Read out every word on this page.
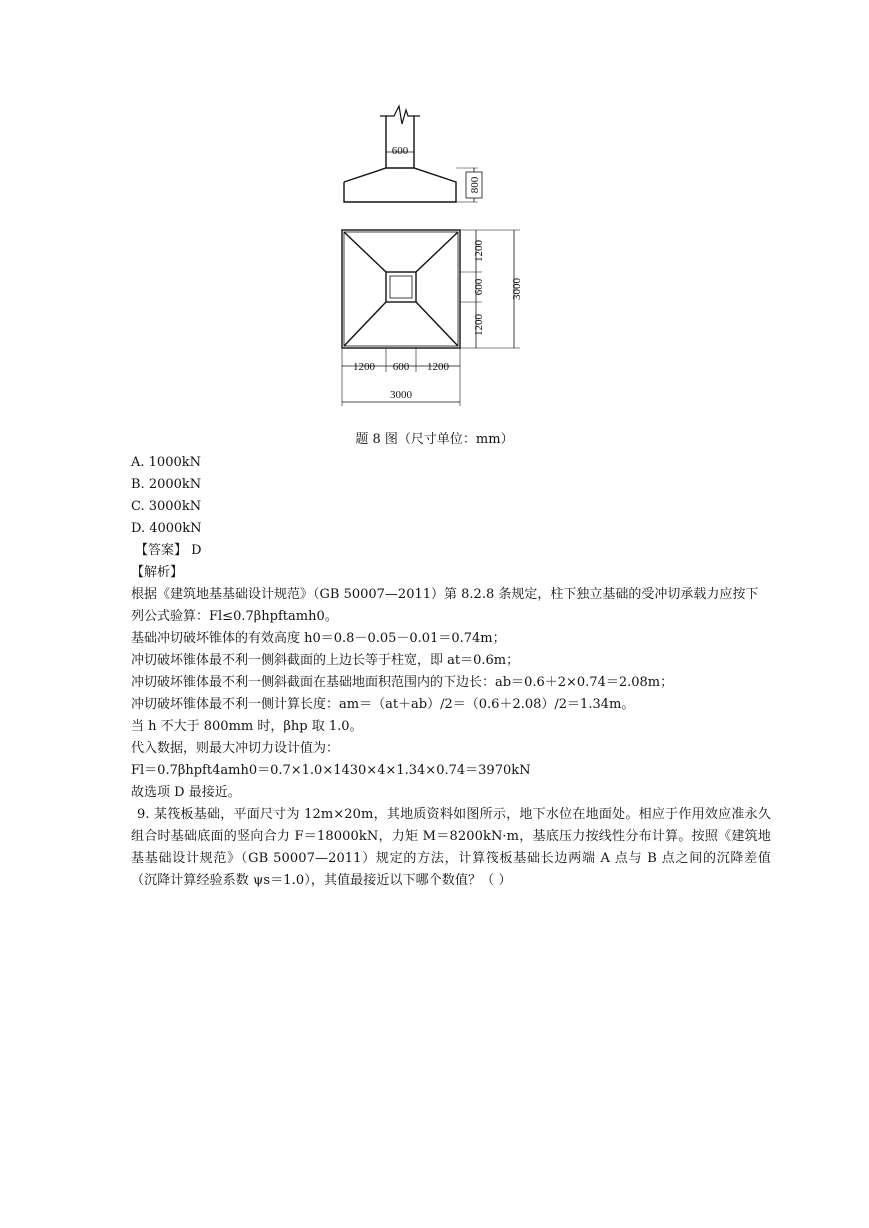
600
800
1200
600
1200
3000
1200 600 1200
3000
题 8 图（尺寸单位：mm）
A. 1000kN
B. 2000kN
C. 3000kN
D. 4000kN
【答案】 D
【解析】
根据《建筑地基基础设计规范》（GB 50007—2011）第 8.2.8 条规定，柱下独立基础的受冲切承载力应按下列公式验算：Fl≤0.7βhpftamh0。
基础冲切破坏锥体的有效高度 h0＝0.8－0.05－0.01＝0.74m；
冲切破坏锥体最不利一侧斜截面的上边长等于柱宽，即 at＝0.6m；
冲切破坏锥体最不利一侧斜截面在基础地面积范围内的下边长：ab＝0.6＋2×0.74＝2.08m；
冲切破坏锥体最不利一侧计算长度：am＝（at＋ab）/2＝（0.6＋2.08）/2＝1.34m。
当 h 不大于 800mm 时，βhp 取 1.0。
代入数据，则最大冲切力设计值为：
Fl＝0.7βhpft4amh0＝0.7×1.0×1430×4×1.34×0.74＝3970kN
故选项 D 最接近。
9. 某筏板基础，平面尺寸为 12m×20m，其地质资料如图所示，地下水位在地面处。相应于作用效应准永久组合时基础底面的竖向合力 F＝18000kN，力矩 M＝8200kN·m，基底压力按线性分布计算。按照《建筑地基基础设计规范》（GB 50007—2011）规定的方法，计算筏板基础长边两端 A 点与 B 点之间的沉降差值（沉降计算经验系数 ψs＝1.0），其值最接近以下哪个数值？（ ）
